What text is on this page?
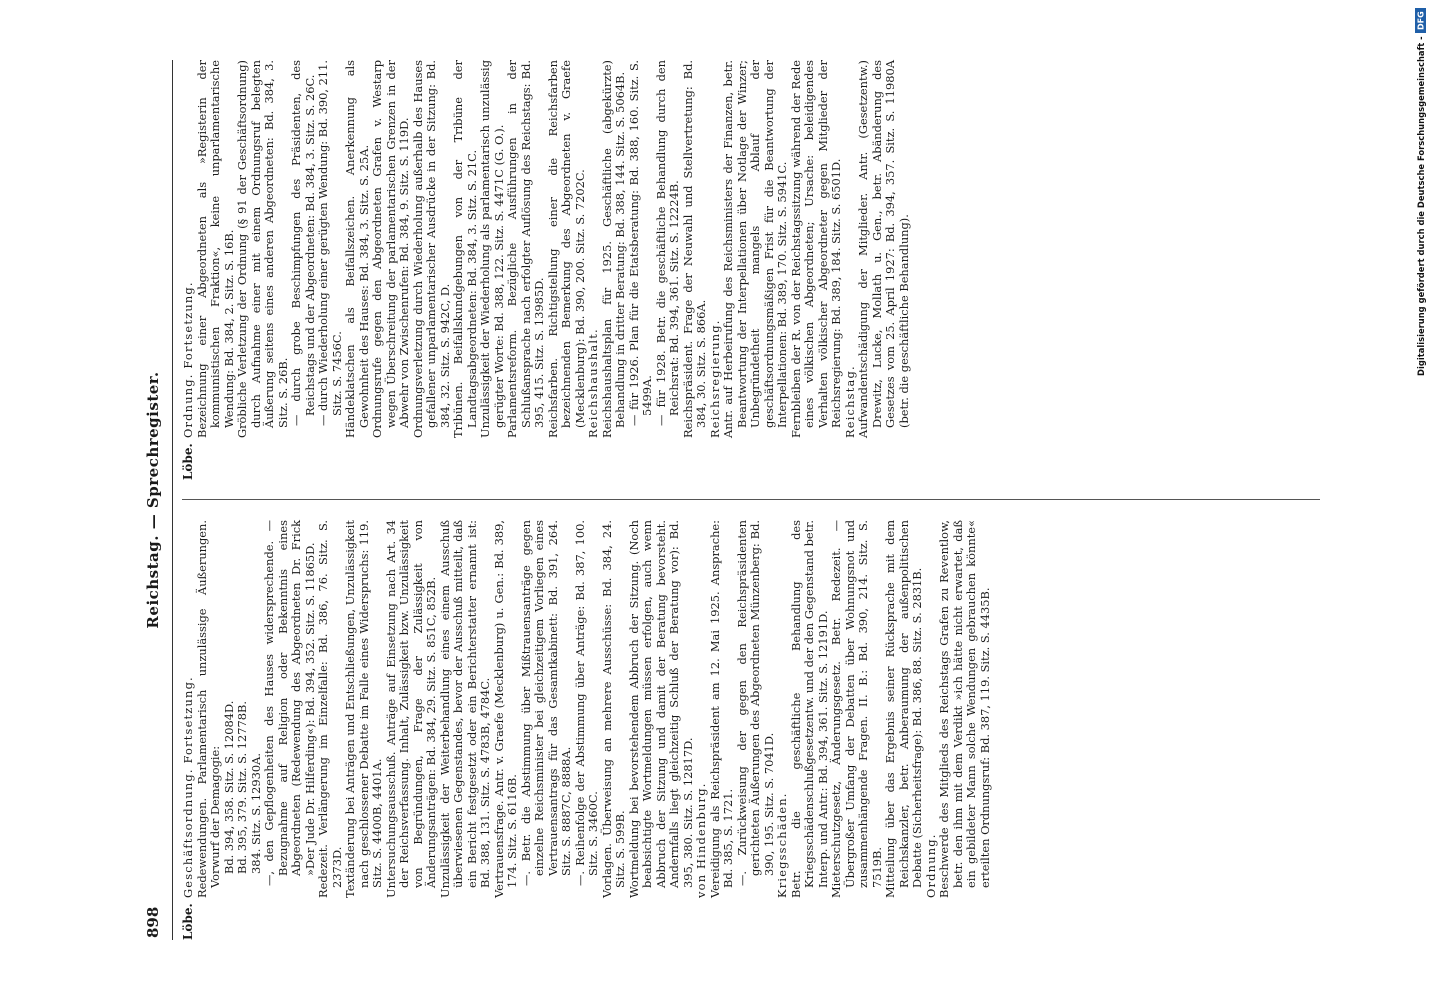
898
Reichstag. — Sprechregister.
Löbe.

Geschäftsordnung. Fortsetzung. Redewendungen. Parlamentarisch unzulässige Äußerungen. Vorwurf der Demagogie: Bd. 394, 358. Sitz. S. 12084D. Bd. 395, 379. Sitz. S. 12778B. 384. Sitz. S. 12930A. —, den Gepflogenheiten des Hauses widersprechende. — Bezugnahme auf Religion oder Bekenntnis eines Abgeordneten (Redewendung des Abgeordneten Dr. Frick »Der Jude Dr. Hilferding«): Bd. 394, 352. Sitz. S. 11865D. Redezeit. Verlängerung im Einzelfalle: Bd. 386, 76. Sitz. S. 2373D. Textänderung bei Anträgen und Entschließungen, Unzulässigkeit nach geschlossener Debatte im Falle eines Widerspruchs: 119. Sitz. S. 4400B, 4401A. Untersuchungsausschuß. Anträge auf Einsetzung nach Art. 34 der Reichsverfassung. Inhalt, Zulässigkeit bzw. Unzulässigkeit von Begründungen, Frage der Zulässigkeit von Änderungsanträgen: Bd. 384, 29. Sitz. S. 851C, 852B. Unzulässigkeit der Weiterbehandlung eines einem Ausschuß überwiesenen Gegenstandes, bevor der Ausschuß mitteilt, daß ein Bericht festgesetzt oder ein Berichterstatter ernannt ist: Bd. 388, 131. Sitz. S. 4783B, 4784C. Vertrauensfrage. Antr. v. Graefe (Mecklenburg) u. Gen.: Bd. 389, 174. Sitz. S. 6116B. —. Betr. die Abstimmung über Mißtrauensanträge gegen einzelne Reichsminister bei gleichzeitigem Vorliegen eines Vertrauensantrags für das Gesamtkabinett: Bd. 391, 264. Sitz. S. 8887C, 8888A. —. Reihenfolge der Abstimmung über Anträge: Bd. 387, 100. Sitz. S. 3460C. Vorlagen. Überweisung an mehrere Ausschüsse: Bd. 384, 24. Sitz. S. 599B. Wortmeldung bei bevorstehendem Abbruch der Sitzung. (Noch beabsichtigte Wortmeldungen müssen erfolgen, auch wenn Abbruch der Sitzung und damit der Beratung bevorsteht. Andernfalls liegt gleichzeitig Schluß der Beratung vor): Bd. 395, 380. Sitz. S. 12817D. von Hindenburg. Vereidigung als Reichspräsident am 12. Mai 1925. Ansprache: Bd. 385, S. 1721. —. Zurückweisung der gegen den Reichspräsidenten gerichteten Äußerungen des Abgeordneten Münzenberg: Bd. 390, 195. Sitz. S. 7041D. Kriegsschäden. Betr. die geschäftliche Behandlung des Kriegsschädenschlußgesetzentw. und der den Gegenstand betr. Interp. und Antr.: Bd. 394, 361. Sitz. S. 12191D. Mieterschutzgesetz, Änderungsgesetz. Betr. Redezeit. — Übergroßer Umfang der Debatten über Wohnungsnot und zusammenhängende Fragen. II. B.: Bd. 390, 214. Sitz. S. 7519B. Mitteilung über das Ergebnis seiner Rücksprache mit dem Reichskanzler, betr. Anberaumung der außenpolitischen Debatte (Sicherheitsfrage): Bd. 386, 88. Sitz. S. 2831B. Ordnung. Beschwerde des Mitglieds des Reichstags Grafen zu Reventlow, betr. den ihm mit dem Verdikt »ich hätte nicht erwartet, daß ein gebildeter Mann solche Wendungen gebrauchen könnte« erteilten Ordnungsruf: Bd. 387, 119. Sitz. S. 4435B.

Löbe.

Ordnung. Fortsetzung. Bezeichnung einer Abgeordneten als »Registerin der kommunistischen Fraktion«, keine unparlamentarische Wendung: Bd. 384, 2. Sitz. S. 16B. Gröbliche Verletzung der Ordnung (§ 91 der Geschäftsordnung) durch Aufnahme einer mit einem Ordnungsruf belegten Äußerung seitens eines anderen Abgeordneten: Bd. 384, 3. Sitz. S. 26B. — durch grobe Beschimpfungen des Präsidenten, des Reichstags und der Abgeordneten: Bd. 384, 3. Sitz. S. 26C. — durch Wiederholung einer gerügten Wendung: Bd. 390, 211. Sitz. S. 7456C. Händeklatschen als Beifallszeichen. Anerkennung als Gewohnheit des Hauses: Bd. 384, 3. Sitz. S. 25A. Ordnungsrufe gegen den Abgeordneten Grafen v. Westarp wegen Überschreitung der parlamentarischen Grenzen in der Abwehr von Zwischenrufen: Bd. 384, 9. Sitz. S. 119D. Ordnungsverletzung durch Wiederholung außerhalb des Hauses gefallener unparlamentarischer Ausdrücke in der Sitzung: Bd. 384, 32. Sitz. S. 942C, D. Tribünen. Beifallskundgebungen von der Tribüne der Landtagsabgeordneten: Bd. 384, 3. Sitz. S. 21C. Unzulässigkeit der Wiederholung als parlamentarisch unzulässig gerügter Worte: Bd. 388, 122. Sitz. S. 4471C (G. O.). Parlamentsreform. Bezügliche Ausführungen in der Schlußansprache nach erfolgter Auflösung des Reichstags: Bd. 395, 415. Sitz. S. 13985D. Reichsfarben. Richtigstellung einer die Reichsfarben bezeichnenden Bemerkung des Abgeordneten v. Graefe (Mecklenburg): Bd. 390, 200. Sitz. S. 7202C. Reichshaushalt. Reichshaushaltsplan für 1925. Geschäftliche (abgekürzte) Behandlung in dritter Beratung: Bd. 388, 144. Sitz. S. 5064B. — für 1926. Plan für die Etatsberatung: Bd. 388, 160. Sitz. S. 5499A. — für 1928. Betr. die geschäftliche Behandlung durch den Reichsrat: Bd. 394, 361. Sitz. S. 12224B. Reichspräsident. Frage der Neuwahl und Stellvertretung: Bd. 384, 30. Sitz. S. 866A. Reichsregierung. Antr. auf Herbeirufung des Reichsministers der Finanzen, betr. Beantwortung der Interpellationen über Notlage der Winzer; Unbegründetheit mangels Ablauf der geschäftsordnungsmäßigen Frist für die Beantwortung der Interpellationen: Bd. 389, 170. Sitz. S. 5941C. Fernbleiben der R. von der Reichstagssitzung während der Rede eines völkischen Abgeordneten; Ursache: beleidigendes Verhalten völkischer Abgeordneter gegen Mitglieder der Reichsregierung: Bd. 389, 184. Sitz. S. 6501D. Reichstag. Aufwandentschädigung der Mitglieder. Antr. (Gesetzentw.) Drewitz, Lucke, Mollath u. Gen., betr. Abänderung des Gesetzes vom 25. April 1927: Bd. 394, 357. Sitz. S. 11980A (betr. die geschäftliche Behandlung).	Digitalisierung gefördert durch die Deutsche Forschungsgemeinschaft -
DFG
